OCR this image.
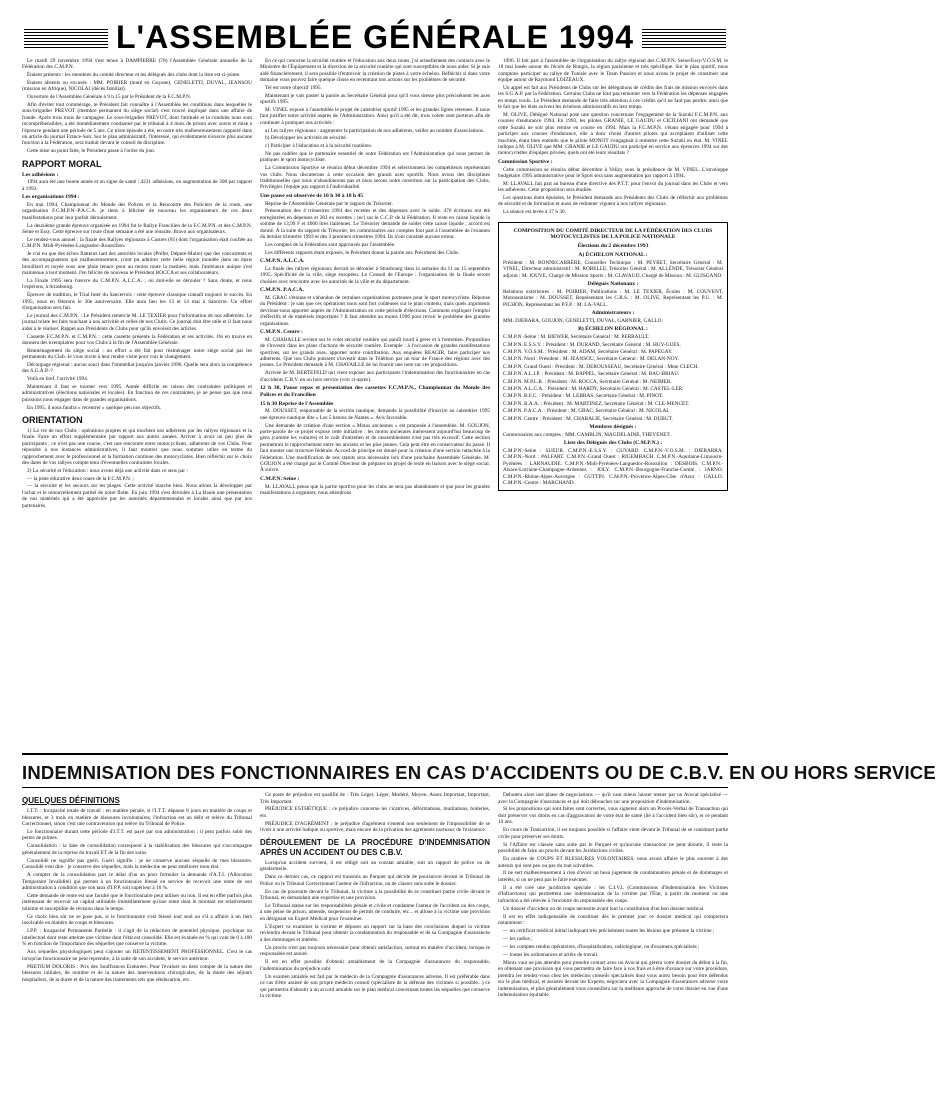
L'ASSEMBLÉE GÉNÉRALE 1994

Le mardi 29 novembre 1994 s'est tenue à DAMPIERRE (78) l'Assemblée Générale annuelle de la Fédération des C.M.P.N.

Étaient présents : les membres du comité directeur et les délégués des clubs dont la liste est ci-jointe.

Étaient absents ou excusés : MM. POIRIER (muté en Guyane), GENELETTI, DUVAL, JEANSOU (mission en Afrique), NICOLAI (décès familial).

Ouverture de l'Assemblée Générale à 9 h 15 par le Président de la F.C.M.P.N.

Afin d'éviter tout commérage, le Président fait connaître à l'Assemblée les conditions dans lesquelles le sous-brigadier PREVOT (membre permanent du siège social) s'est trouvé impliqué dans une affaire de fraude. Après trois mois de campagne. Le sous-brigadier PREVOT, dont l'attitude et la conduite nous sont incompréhensibles, a été immédiatement condamné par le tribunal à 4 mois de prison avec sursis et mise à l'épreuve pendant une période de 5 ans. Ce triste épisode a été, en outre très malheureusement rapporté dans un article du journal France-Soir. Sur le plan administratif, l'intéressé, qui évidemment n'exerce plus aucune fonction à la Fédération, sera traduit devant le conseil de discipline.

Cette mise au point faite, le Président passe à l'ordre du jour.

RAPPORT MORAL
Les adhésions :

1994 aura été une bonne année et un signe de santé : 4231 adhésions, en augmentation de 300 par rapport à 1993.

Les organisations 1994 :

En mai 1994, Championnat du Monde des Polices et la Rencontre des Policiers de la route, une organisation F.C.M.P.N.-P.A.C.A. je tiens à féliciter de nouveau les organisateurs de ces deux manifestations pour leur parfait déroulement.

La deuxième grande épreuve organisée en 1994 fut le Rallye Francilien de la F.C.M.P.N. et des C.M.P.N. Seine et Essy. Cette épreuve sur route d'une semaine a été une réussite. Bravo aux organisateurs.

Le rendez-vous annuel : la finale des Rallyes régionaux à Castres (81) dont l'organisation était confiée au C.M.P.N. Midi-Pyrénées-Languedoc-Roussillon.

Je n'ai eu que des échos flatteurs tant des autorités locales (Préfet, Député-Maire) que des concurrents et des accompagnateurs qui malheureusement, n'ont pu admirer cette belle région inondée dans un épais brouillard et noyée sous une pluie tenace pour au moins toute la matinée, mais l'ambiance unique s'est maintenue à tout moment. J'en félicite de nouveau le Président ROCCA et ses collaborateurs.

La Finale 1995 sera l'œuvre du C.M.P.N. A.L.C.A. ; où doit-elle se dérouler ? Sans doute, et nous l'espérons, à Strasbourg.

Épreuve de tradition, le Trial Inter du Sancerrois : cette épreuve classique connaît toujours le succès. En 1995, nous en fêterons le 30e anniversaire. Elle aura lieu les 13 et 14 mai à Sancerre. Un effort d'organisation sera fait.

Le journal des C.M.P.N. : Le Président remercie M. LE TEXIER pour l'information de nos adhérents. Le journal relate les faits touchant à nos activités et celles de nos Clubs. Ce journal doit être utile et il faut nous aider à le réaliser. Rappel aux Présidents de Clubs pour qu'ils envoient des articles.

Cassette F.C.M.P.N. et C.M.P.N. : cette cassette présente la Fédération et ses activités. On en trouve en donnera des exemplaires pour vos Clubs à la fin de l'Assemblée Générale.

Réaménagement du siège social : un effort a été fait pour réaménager notre siège social par les permanents du Club. Je vous invite à leur rendre visite pour voir le changement.

Découpage régional : aucun souci dans l'immédiat jusqu'en janvier 1996. Quelle sera alors la compétence des S.G.A.P.-?

Voilà en bref, l'activité 1994.

Maintenant il faut se tourner vers 1995. Année difficile en raison des contraintes politiques et administratives (élections nationales et locales). En fonction de ces contraintes, je ne pense pas que nous puissions nous engager dans de grandes organisations.

En 1995, il nous faudra « recentrer » quelque peu nos objectifs.

ORIENTATION

1) La vie de nos Clubs : opérations propres et qui touchent nos adhérents par les rallyes régionaux et la finale. Faire un effort supplémentaire par rapport aux autres années. Arriver à avoir un peu plus de participants ; ce n'est pas une course, c'est une rencontre entre motocyclistes, adhérents de vos Clubs. Pour répondre à nos instances administratives, il faut montrer que nous sommes utiles en terme du rapprochement avec le professionnel et la formation continue des motocyclistes. Bien réfléchir sur le choix des dates de vos rallyes compte tenu d'éventuelles contraintes locales.

2) La sécurité et l'éducation : nous avons déjà une activité dans ce sens par :

— la piste éducative deux roues de la F.C.M.P.N. ;

— la sécurité et les secours sur les plages. Cette activité marche bien. Nous allons la développer par l'achat et le renouvellement partiel de notre flotte. En juin 1994 s'est déroulée à La Baule une présentation de nos matériels qui a été appréciée par les autorités départementales et locales ainsi que par nos partenaires.

En ce qui concerne la sécurité routière et l'éducation aux deux roues, j'ai actuellement des contacts avec le Ministère de l'Équipement et la direction de la sécurité routière qui sont susceptibles de nous aider. Si je suis aidé financièrement, il sera possible d'entrevoir la création de pistes à votre échelon. Réfléchir si dans votre domaine vous pouvez faire quelque chose en recentrant nos actions sur les problèmes de sécurité.

Tel est notre objectif 1995.

Maintenant je vais passer la parole au Secrétaire Général pour qu'il vous dresse plus précisément les axes sportifs 1995.

M. VINEL expose à l'assemblée le projet de calendrier sportif 1995 et les grandes lignes retenues. Il nous faut justifier notre activité auprès de l'Administration. Ainsi qu'il a été dit, trois volets sont porteurs afin de continuer à pratiquer nos activités :

a) Les rallyes régionaux : augmenter la participation de nos adhérents, veiller au nombre d'associations.

b) Développer les activités de sécurité.

c) Participer à l'éducation et à la sécurité routières.

Ne pas oublier que le partenaire essentiel de notre Fédération est l'Administration qui nous permet de pratiquer le sport motocycliste.

La Commission Sportive se réunira début décembre 1994 et sélectionnera les compétiteurs représentant vos clubs. Nous discuterons à cette occasion des grands axes sportifs. Nous avons des disciplines traditionnelles que nous n'abandonnons pas et nous serons notre ouverture sur la participation des Clubs. Privilégier l'équipe par rapport à l'individualité.

Une pause est observée de 10 h 30 à 10 h 45

Reprise de l'Assemblée Générale par le rapport du Trésorier.

Présentation des 4 trimestres 1994 des recettes et des dépenses avec le solde. 476 écritures ont été enregistrées en dépenses et 283 en recettes ; ceci sur le C.C.P. de la Fédération. Il reste en caisse liquide la somme de 13,99 F et 4000 lires italiennes. Le Trésorier demande de solder cette caisse liquide ; accord est donné. À la suite du rapport du Trésorier, les commissaires aux comptes font part à l'assemblée de l'examen du dernier trimestre 1993 et des 3 premiers trimestres 1994. Ils n'ont constaté aucune erreur.

Les comptes de la Fédération sont approuvés par l'assemblée.

Les différents rapports étant exposés, le Président donne la parole aux Présidents des Clubs.

C.M.P.N. A.L.C.A.

La finale des rallyes régionaux devrait se dérouler à Strasbourg dans la semaine du 11 au 15 septembre 1995. Spécificité de la ville, siège européen. Le Conseil de l'Europe : l'organisation de la finale seront choisies avec rencontre avec les autorités de la ville et du département.

C.M.P.N. P.A.C.A.

M. GRAC s'étonne et s'abandon de certaines organisations porteuses pour le sport motocycliste. Réponse du Président : je sais que ces opérations nous sont fort coûteuses sur le plan contenu, mais quels arguments devrions-nous apporter auprès de l'Administration en cette période d'élections. Comment expliquer l'emploi d'effectifs et de matériels importants ? Il faut attendre au moins 1996 pour revoir le problème des grandes organisations.

C.M.P.N. Centre :

M. CHABALLE revient sur le volet sécurité routière qui paraît lourd à gérer et à l'entretien. Proposition de s'investir dans les plans d'actions de sécurité routière. Exemple : à l'occasion de grandes manifestations sportives, sur les grands axes, apporter notre contribution. Aux enquêtes REAGIR, faire participer nos adhérents. Que nos Clubs puissent s'investir dans le Téléthon par un tour de France des régions avec des jeunes. Le Président demande à M. CHAVAILLE de lui fournir une note sur ces propositions.

Arrivée de M. BERTEFELD qui vient exposer aux participants l'indemnisation des fonctionnaires en cas d'accidents C.B.V. en ou hors service (voir ci-après).

12 h 30, Pause repas et présentation des cassettes F.C.M.P.N., Championnat du Monde des Polices et du Francilien
15 h 30 Reprise de l'Assemblée

M. DOUSSET, responsable de la section nautique, demande la possibilité d'inscrire au calendrier 1995 une épreuve nautique dite « Les 5 heures de Nantes ». Avis favorable.

Une demande de création d'une section « Motos anciennes » est proposée à l'assemblée. M. GOUJON, porte-parole de ce projet expose cette initiative : les motos anciennes intéressent aujourd'hui beaucoup de gens (comme les voitures) et le coût d'entretien et de rassemblement n'est pas très excessif. Cette section permettrait le rapprochement entre les anciens et les plus jeunes. Cela peut être en conservateur du passé. Il faut monter une structure fédérale. Accord de principe est donné pour la création d'une section rattachée à la Fédération. Une modification de nos statuts sera nécessaire lors d'une prochaine Assemblée Générale. M. GOUJON a été chargé par le Comité Directeur de préparer un projet de texte en liaison avec le siège social. À suivre.

C.M.P.N. Seine :

M. LLAVALL pense que la partie sportive pour les clubs ne sera pas abandonnée et que pour les grandes manifestations à organiser, nous attendrons

1996. Il fait part à l'assemblée de l'organisation du rallye régional des C.M.P.N. Seine/Essy/V.O.S.M. le 18 mai basée autour de l'école de Rungis, la région parisienne et très spécifique. Sur le plan sportif, nous comptons participer au rallye de Tunisie avec le Team Passion et nous avons le projet de constituer une équipe autour de Raymond LOIZEAUX.

Un appel est fait aux Présidents de Clubs sur les délégations de crédits des frais de mission envoyés dans les S.G.A.P. par la Fédération. Certains Clubs ne font pas remonter vers la Fédération les dépenses engagées en temps voulu. Le Président demande de faire très attention à ces crédits qu'il ne faut pas perdre, ainsi que le fait que les états suivent les échelons administratifs en leur temps.

M. OLIVE, Délégué National pose une question concernant l'engagement de la Suzuki F.C.M.P.N. aux courses d'endurance 1994. En 1993, les pilotes GRANIE, LE GAUDU et CICILIANI ont demandé que cette Suzuki ne soit plus remise en course en 1994. Mais la F.C.M.P.N. s'étant engagée pour 1994 à participer aux courses d'endurance, elle a donc choisi d'autres pilotes qui acceptaient d'utiliser cette machine, étant bien entendu que le pilote MONOT s'engageait à remettre cette Suzuki en état. M. VINEL indique à M. OLIVE que MM. GRANIE et LE GAUDU ont participé en service aux épreuves 1994 sur des motocyclettes d'équipes privées, quels ont été leurs résultats ?

Commission Sportive :

Cette commission se réunira début décembre à Velizy sous la présidence de M. VINEL. L'enveloppe budgétaire 1995 administrative pour le Sport sera sans augmentation par rapport à 1994.

M. LLAVALL fait part au bureau d'une directive des P.T.T. pour l'envoi du journal dans les Clubs et vers les adhérents. Cette proposition sera étudiée.

Les questions étant épuisées, le Président demande aux Présidents des Clubs de réfléchir aux problèmes de sécurité et de formation et aussi de redonner vigueur à nos rallyes régionaux.

La séance est levée à 17 h 30.

COMPOSITION DU COMITÉ DIRECTEUR DE LA FÉDÉRATION DES CLUBS MOTOCYCLISTES DE LA POLICE NATIONALE
Élections du 2 décembre 1993
A) ÉCHELON NATIONAL :

Président : M. BONNECARRÈRE, Conseiller Technique : M. PEYRET, Secrétaire Général : M. VINEL, Directeur administratif : M. ROBELLE, Trésorier Général : M. ALLÈNDE, Trésorier Général adjoint : M. JOUVE, Chargé de Mission Sports : M. CLAVAUD, Chargé de Mission : M. GUISGAND.

Délégués Nationaux :

Relations extérieures : M. POIRIER, Publications : M. LE TEXIER, Écoles : M. COUVENT, Motonautisme : M. DOUSSET, Représentant les C.R.S. : M. OLIVE, Représentant les P.U. : M. PICHON, Représentant les P.F.P. : M. LA-VALL.

Administrateurs :

MM. DJEBARA, GOUJON, GENELETTI, DUVAL, GARNIER, GALLO.

B) ÉCHELON RÉGIONAL :

C.M.P.N.-Seine : M. BIEWER, Secrétaire Général : M. PERRAULT.

C.M.P.N. E.S.S.Y. : Président : M. DURAND, Secrétaire Général : M. HUY-GUES.

C.M.P.N. V.O.S.M. : Président : M. ADAM, Secrétaire Général : M. PAPEGAY.

C.M.P.N. Nord : Président : M. JEANSOU, Secrétaire Général : M. DELAN-NOY.

C.M.P.N. Grand Ouest : Président : M. DEROUSSEAU, Secrétaire Général : Mme CLECH.

C.M.P.N. A.L.I.P. : Président : M. BAPPEL, Secrétaire Général : M. BAU-BRIAU.

C.M.P.N. M.P.L.R. : Président : M. ROCCA, Secrétaire Général : M. NEIMER.

C.M.P.N. A.L.C.A. : Président : M. HARDY, Secrétaire Général : M. CASTEL-LER.

C.M.P.N. B.F.C. : Président : M. LEBRAS, Secrétaire Général : M. PINOT.

C.M.P.N. R.A.A. : Président : M. MARTINEZ, Secrétaire Général : M. CLE-MENCET.

C.M.P.N. P.A.C.A. : Président : M. GRAC, Secrétaire Général : M. NICOLAI.

C.M.P.N. Centre : Président : M. CHABALIE, Secrétaire Général : M. DUBUT.

Membres désignés :

Commissaires aux comptes : MM. CAMBLIN, MAGDELAINE, THEVENET.

Liste des Délégués des Clubs (C.M.P.N.) :

C.M.P.N.-Seine : SUEUR. C.M.P.N.-E.S.S.Y. : GUYARD. C.M.P.N.-V.O.S.M. : DJEBARRA. C.M.P.N.-Nord : PALFART. C.M.P.N.-Grand Ouest : RIGEMBACH. C.M.P.N.-Aquitaine-Limousin-Pyrénées : LARNAUDIE. C.M.P.N.-Midi-Pyrénées-Languedoc-Roussillon : DESBOIS. C.M.P.N.-Alsace-Lorraine-Champagne-Ardennes : JOLY. C.M.P.N.-Bourgogne-Franche-Comté : JARNO. C.M.P.N.-Rhône-Alpes-Auvergne : GUTTIN. C.M.P.N.-Provence-Alpes-Côte d'Azur : GALLO. C.M.P.N.-Centre : MARCHAND.

INDEMNISATION DES FONCTIONNAIRES EN CAS D'ACCIDENTS OU DE C.B.V. EN OU HORS SERVICE
QUELQUES DÉFINITIONS

I.T.T. : Incapacité totale de travail : en matière pénale, si l'I.T.T. dépasse 8 jours en matière de coups et blessures, et 3 mois en matière de blessures involontaires, l'infraction est un délit et relève du Tribunal Correctionnel, sinon c'est une contravention qui relève du Tribunal de Police.

Le fonctionnaire durant cette période d'I.T.T. est payé par son administration ; il peut parfois subir des pertes de primes.

Consolidation : la date de consolidation correspond à la stabilisation des blessures qui s'accompagne généralement de la reprise du travail ET de la fin des soins.

Consolidé ne signifie pas guéri. Guéri signifie : je ne conserve aucune séquelle de mes blessures. Consolidé veut dire : je conserve des séquelles, mais la médecine ne peut améliorer mon état.

A compter de la consolidation part le délai d'un an pour formuler la demande d'A.T.I. (Allocation Temporaire Invalidité) qui permet à un fonctionnaire blessé en service de recevoir une rente de son administration à condition que son taux d'I.P.P. soit supérieur à 10 %.

Cette demande de rente est une faculté que le fonctionnaire peut utiliser ou non. Il est en effet parfois plus intéressant de recevoir un capital utilisable immédiatement qu'une rente dont le montant est relativement minime et susceptible de révision dans le temps.

Ce choix bien sûr ne se pose pas, si le fonctionnaire s'est blessé tout seul ou s'il a affaire à un tiers insolvable en matière de coups et blessures.

I.P.P. : Incapacité Permanente Partielle : il s'agit de la réduction de potentiel physique, psychique ou intellectuel dont reste atteinte une victime dont l'état est consolidé. Elle est évaluée en % qui vont de 0 à 100 % en fonction de l'importance des séquelles que conserve la victime.

Aux séquelles physiologiques peut s'ajouter un RETENTISSEMENT PROFESSIONNEL. C'est le cas lorsqu'un fonctionnaire ne peut reprendre, à la suite de son accident, le service antérieur.

PRETIUM DOLORIS : Prix des Souffrances Endurées. Pour l'évaluer on tient compte de la nature des blessures initiales, de nombre et de la nature des interventions chirurgicales, de la durée des séjours hospitaliers, de la durée et de la nature des traitements tels que rééducation, etc.

Ce poste de préjudice est qualifié de : Très Léger, Léger, Modéré, Moyen, Assez Important, Important, Très Important.

PRÉJUDICE ESTHÉTIQUE : ce préjudice concerne les cicatrices, déformations, mutilations, boiteries, etc.

PRÉJUDICE D'AGRÉMENT : le préjudice d'agrément s'entend non seulement de l'impossibilité de se livrer à une activité ludique ou sportive, mais encore de la privation des agréments normaux de l'existence.

DÉROULEMENT DE LA PROCÉDURE D'INDEMNISATION APRÈS UN ACCIDENT OU DES C.B.V.

Lorsqu'un accident survient, il est rédigé soit un constat amiable, soit un rapport de police ou de gendarmerie.

Dans ce dernier cas, ce rapport est transmis au Parquet qui décide de poursuivre devant le Tribunal de Police ou le Tribunal Correctionnel l'auteur de l'infraction, ou de classer sans suite le dossier.

En cas de poursuite devant le Tribunal, la victime a la possibilité de se constituer partie civile devant le Tribunal, en demandant une expertise et une provision.

Le Tribunal statue sur les responsabilités pénale et civile et condamne l'auteur de l'accident ou des coups, à une peine de prison, amende, suspension de permis de conduire, etc... et alloue à la victime une provision en désignant un Expert Médical pour l'examiner.

L'Expert va examiner la victime et déposer un rapport sur la base des conclusions duquel la victime reviendra devant le Tribunal pour obtenir la condamnation du responsable et de sa Compagnie d'assurances à des dommages et intérêts.

Un procès n'est pas toujours nécessaire pour obtenir satisfaction, surtout en matière d'accident, lorsque le responsable est assuré.

Il est en effet possible d'obtenir amiablement de la Compagnie d'assurances du responsable, l'indemnisation du préjudice subi.

Un examen amiable est fait par le médecin de la Compagnie d'assurances adverse. Il est préférable dans ce cas d'être assisté de son propre médecin conseil (spécialiste de la défense des victimes si possible...) ce qui permettra d'aboutir à un accord amiable sur le plan médical concernant toutes les séquelles que conserve la victime.

Debutera alors une phase de negociations — qu'il vaut mieux laisser mener par un Avocat spécialisé — avec la Compagnie d'assurances et qui doit déboucher sur une proposition d'indemnisation.

Si les propositions qui sont faites sont correctes, vous signerez alors un Procès-Verbal de Transaction qui doit préserver vos droits en cas d'aggravation de votre état de santé (lié à l'accident bien sûr), et ce pendant 10 ans.

En cours de Transaction, il est toujours possible si l'affaire vient devant le Tribunal de se constituer partie civile pour préserver ses droits.

Si l'Affaire est classée sans suite par le Parquet et qu'aucune transaction ne peut aboutir, il reste la possibilité de faire un procès devant les Juridictions civiles.

En matière de COUPS ET BLESSURES VOLONTAIRES, nous avons affaire le plus souvent à des auteurs qui sont peu ou pas du tout solvables.

Il ne sert malheureusement à rien d'avoir un beau jugement de condamnation pénale et de dommages et intérêts, si on ne peut pas le faire exécuter.

Il a été créé une juridiction spéciale : les C.I.V.I. (Commissions d'Indemnisation des Victimes d'Infractions) qui permettent une indemnisation de la victime par l'État, à partir du moment ou une infraction a été relevée à l'encontre du responsable des coups.

Un dossier d'accident ou de coups nécessite avant tout la constitution d'un bon dossier médical.

Il est en effet indispensable de constituer dès le premier jour ce dossier médical qui comportera notamment :

— un certificat médical initial indiquant très précisément toutes les lésions que présente la victime ;

— les radios ;

— les comptes rendus opératoires, d'hospitalisation, radiologique, ou d'examens spécialisés ;

— toutes les ordonnances et arrêts de travail.

Mieux vaut ne pas attendre pour prendre contact avec un Avocat qui gérera votre dossier du début à la fin, en obtenant une provision qui vous permettra de faire face à vos frais et à être d'avance sur votre procédure, prendra les rendez-vous chez les médecins conseils spécialisés dont vous aurez besoin pour être défendus sur le plan médical, et assistés devant les Experts, négociera avec la Compagnie d'assurances adverse votre indemnisation, et plus généralement vous conseillera sur la meilleure approche de votre dossier en vue d'une indemnisation équitable.
